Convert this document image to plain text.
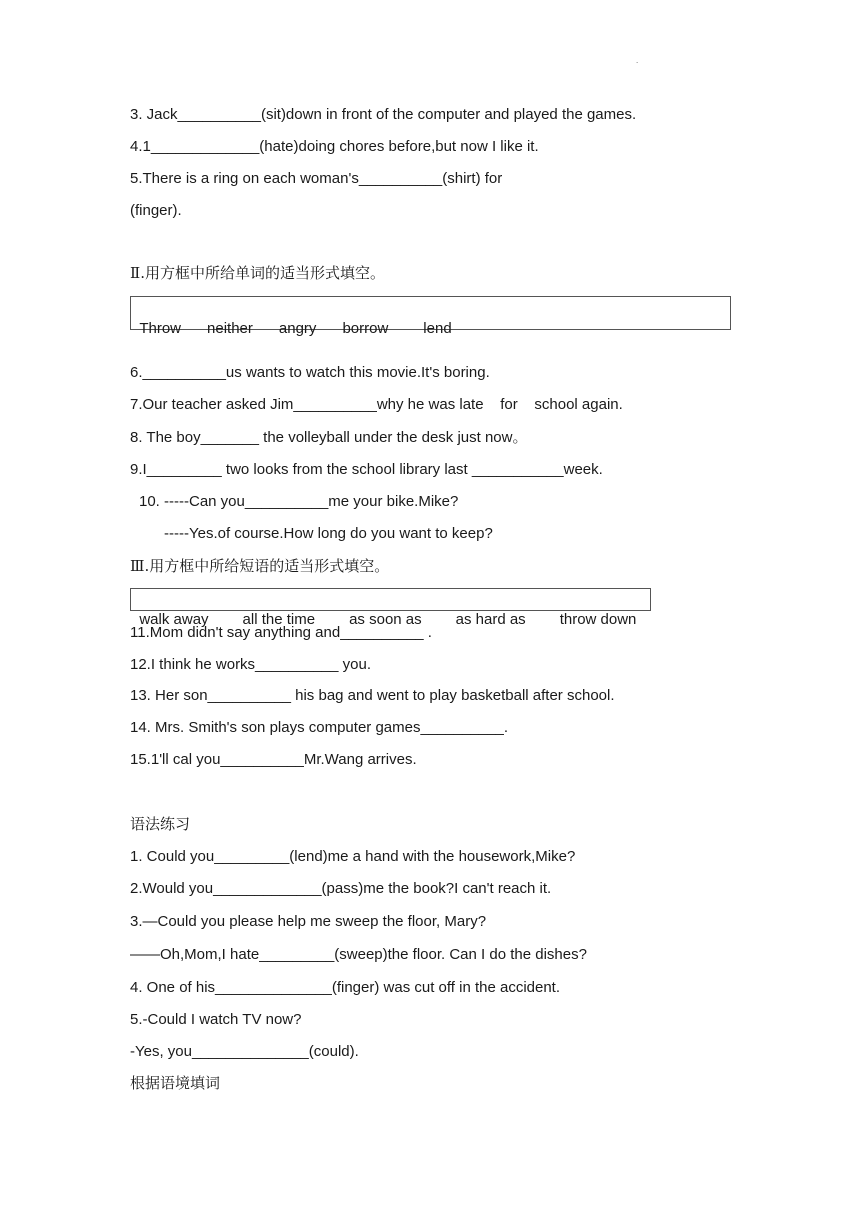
.
3. Jack__________(sit)down in front of the computer and played the games.
4.1_____________(hate)doing chores before,but now I like it.
5.There is a ring on each woman's__________(shirt) for
(finger).
Ⅱ.用方框中所给单词的适当形式填空。

Throw neither angry borrow lend

6.__________us wants to watch this movie.It's boring.
7.Our teacher asked Jim__________why he was late    for    school again.
8. The boy_______ the volleyball under the desk just now。
9.I_________ two looks from the school library last ___________week.
10. -----Can you__________me your bike.Mike?
-----Yes.of course.How long do you want to keep?
Ⅲ.用方框中所给短语的适当形式填空。

walk away all the time as soon as as hard as throw down

11.Mom didn't say anything and__________ .
12.I think he works__________ you.
13. Her son__________ his bag and went to play basketball after school.
14. Mrs. Smith's son plays computer games__________.
15.1'll cal you__________Mr.Wang arrives.
语法练习
1. Could you_________(lend)me a hand with the housework,Mike?
2.Would you_____________(pass)me the book?I can't reach it.
3.—Could you please help me sweep the floor, Mary?
——Oh,Mom,I hate_________(sweep)the floor. Can I do the dishes?
4. One of his______________(finger) was cut off in the accident.
5.-Could I watch TV now?
-Yes, you______________(could).
根据语境填词
